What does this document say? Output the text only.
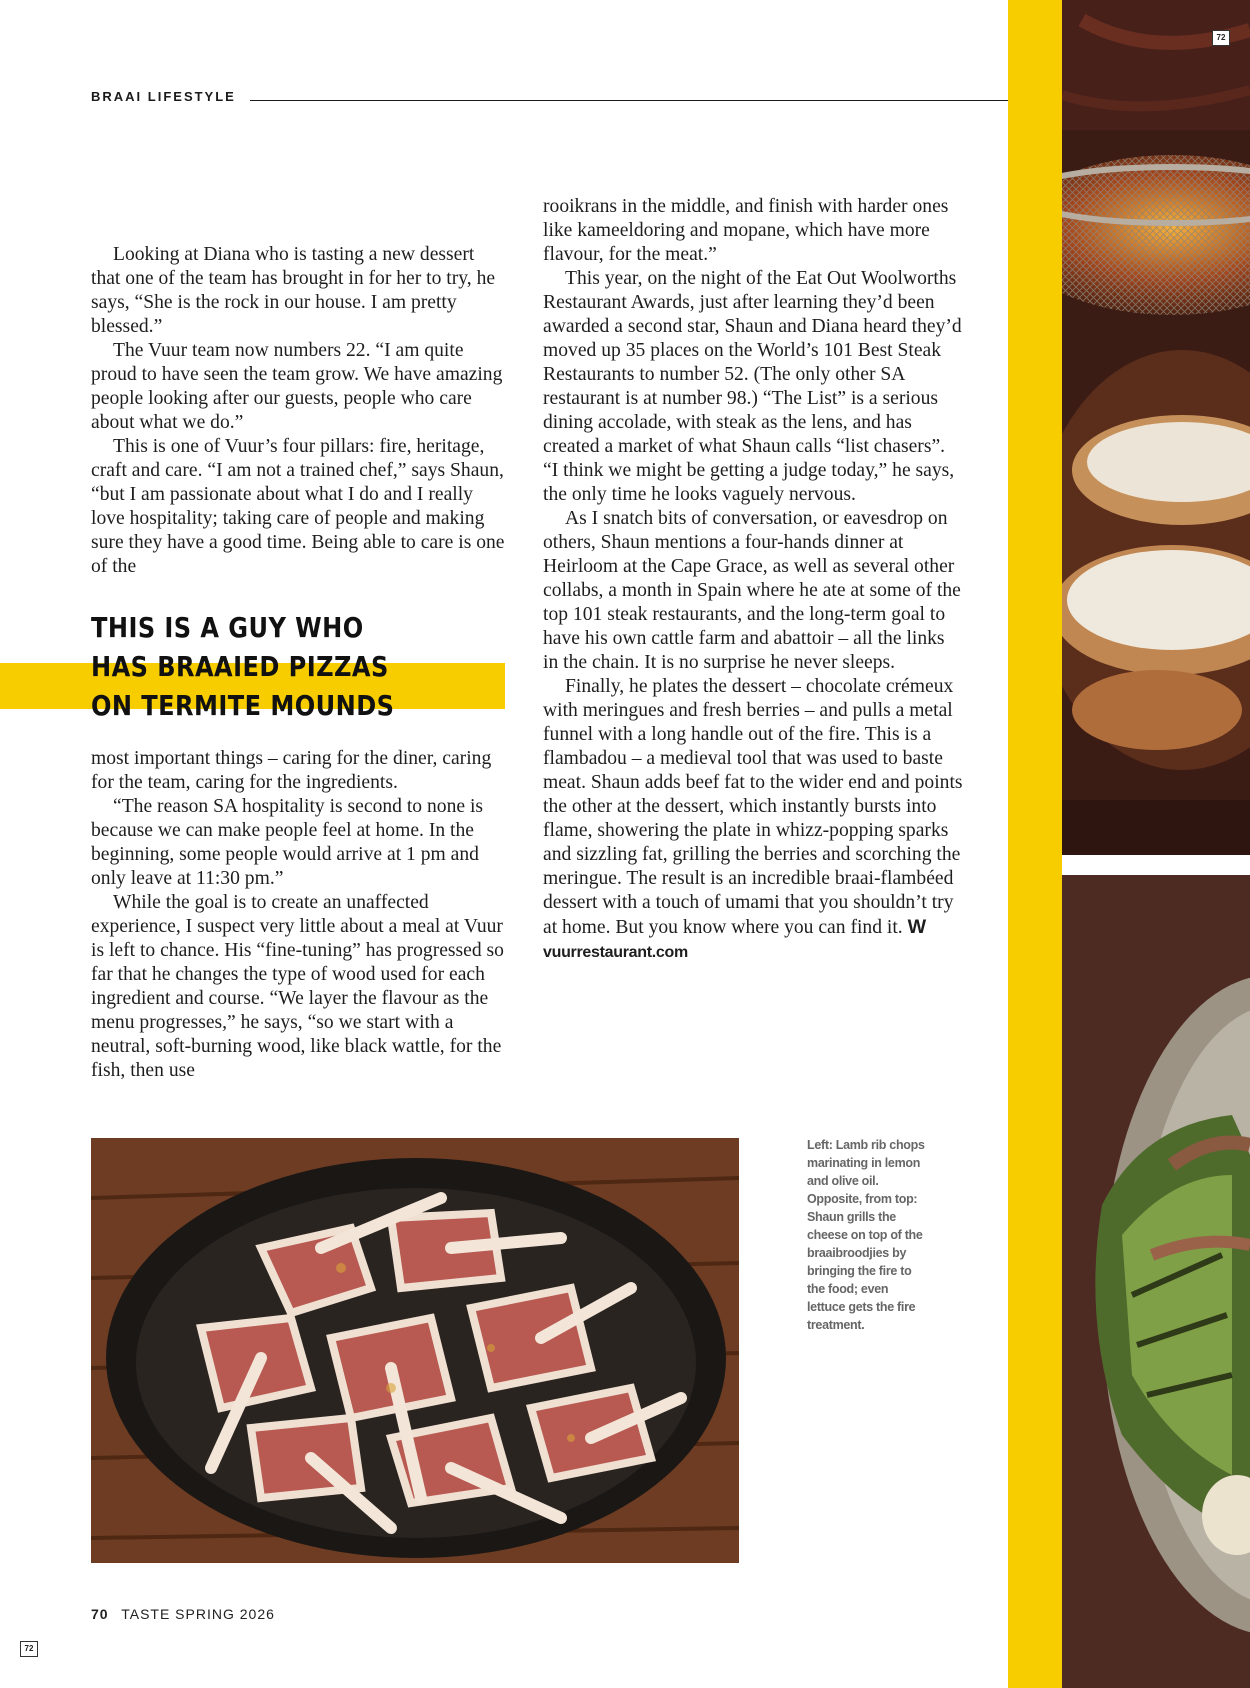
BRAAI LIFESTYLE
72
72

Looking at Diana who is tasting a new dessert that one of the team has brought in for her to try, he says, “She is the rock in our house. I am pretty blessed.”

The Vuur team now numbers 22. “I am quite proud to have seen the team grow. We have amazing people looking after our guests, people who care about what we do.”

This is one of Vuur’s four pillars: fire, heritage, craft and care. “I am not a trained chef,” says Shaun, “but I am passionate about what I do and I really love hospitality; taking care of people and making sure they have a good time. Being able to care is one of the

THIS IS A GUY WHO
HAS BRAAIED PIZZAS
ON TERMITE MOUNDS

most important things – caring for the diner, caring for the team, caring for the ingredients.

“The reason SA hospitality is second to none is because we can make people feel at home. In the beginning, some people would arrive at 1 pm and only leave at 11:30 pm.”

While the goal is to create an unaffected experience, I suspect very little about a meal at Vuur is left to chance. His “fine-tuning” has progressed so far that he changes the type of wood used for each ingredient and course. “We layer the flavour as the menu progresses,” he says, “so we start with a neutral, soft-burning wood, like black wattle, for the fish, then use

rooikrans in the middle, and finish with harder ones like kameeldoring and mopane, which have more flavour, for the meat.”

This year, on the night of the Eat Out Woolworths Restaurant Awards, just after learning they’d been awarded a second star, Shaun and Diana heard they’d moved up 35 places on the World’s 101 Best Steak Restaurants to number 52. (The only other SA restaurant is at number 98.) “The List” is a serious dining accolade, with steak as the lens, and has created a market of what Shaun calls “list chasers”. “I think we might be getting a judge today,” he says, the only time he looks vaguely nervous.

As I snatch bits of conversation, or eavesdrop on others, Shaun mentions a four-hands dinner at Heirloom at the Cape Grace, as well as several other collabs, a month in Spain where he ate at some of the top 101 steak restaurants, and the long-term goal to have his own cattle farm and abattoir – all the links in the chain. It is no surprise he never sleeps.

Finally, he plates the dessert – chocolate crémeux with meringues and fresh berries – and pulls a metal funnel with a long handle out of the fire. This is a flambadou – a medieval tool that was used to baste meat. Shaun adds beef fat to the wider end and points the other at the dessert, which instantly bursts into flame, showering the plate in whizz-popping sparks and sizzling fat, grilling the berries and scorching the meringue. The result is an incredible braai-flambéed dessert with a touch of umami that you shouldn’t try at home. But you know where you can find it. W

vuurrestaurant.com

Left: Lamb rib chops marinating in lemon and olive oil. Opposite, from top: Shaun grills the cheese on top of the braaibroodjies by bringing the fire to the food; even lettuce gets the fire treatment.
70 TASTE SPRING 2026
